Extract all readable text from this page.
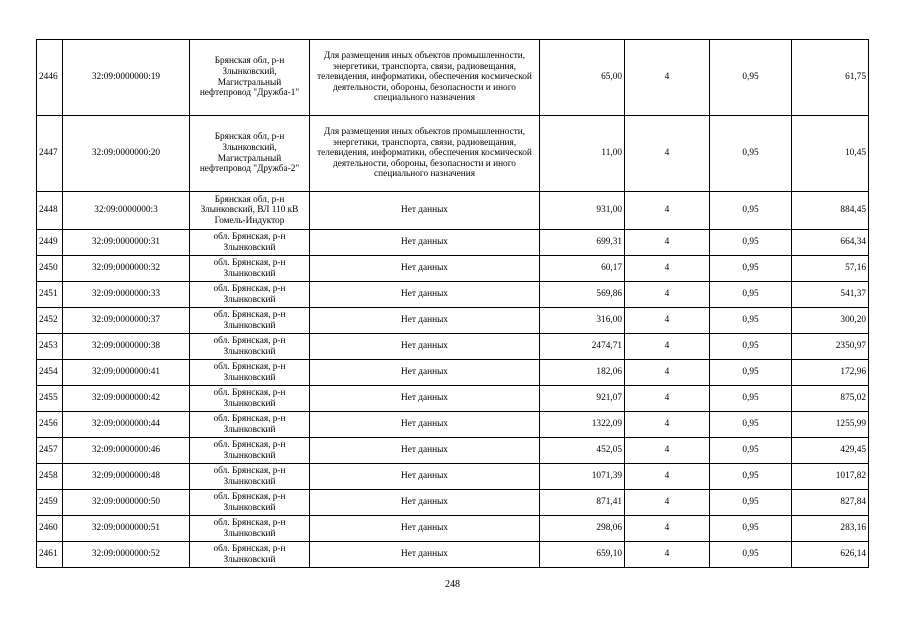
2446	32:09:0000000:19	Брянская обл, р-н Злынковский, Магистральный нефтепровод "Дружба-1"	Для размещения иных объектов промышленности, энергетики, транспорта, связи, радиовещания, телевидения, информатики, обеспечения космической деятельности, обороны, безопасности и иного специального назначения	65,00	4	0,95	61,75
2447	32:09:0000000:20	Брянская обл, р-н Злынковский, Магистральный нефтепровод "Дружба-2"	Для размещения иных объектов промышленности, энергетики, транспорта, связи, радиовещания, телевидения, информатики, обеспечения космической деятельности, обороны, безопасности и иного специального назначения	11,00	4	0,95	10,45
2448	32:09:0000000:3	Брянская обл, р-н Злынковский, ВЛ 110 кВ Гомель-Индуктор	Нет данных	931,00	4	0,95	884,45
2449	32:09:0000000:31	обл. Брянская, р-н Злынковский	Нет данных	699,31	4	0,95	664,34
2450	32:09:0000000:32	обл. Брянская, р-н Злынковский	Нет данных	60,17	4	0,95	57,16
2451	32:09:0000000:33	обл. Брянская, р-н Злынковский	Нет данных	569,86	4	0,95	541,37
2452	32:09:0000000:37	обл. Брянская, р-н Злынковский	Нет данных	316,00	4	0,95	300,20
2453	32:09:0000000:38	обл. Брянская, р-н Злынковский	Нет данных	2474,71	4	0,95	2350,97
2454	32:09:0000000:41	обл. Брянская, р-н Злынковский	Нет данных	182,06	4	0,95	172,96
2455	32:09:0000000:42	обл. Брянская, р-н Злынковский	Нет данных	921,07	4	0,95	875,02
2456	32:09:0000000:44	обл. Брянская, р-н Злынковский	Нет данных	1322,09	4	0,95	1255,99
2457	32:09:0000000:46	обл. Брянская, р-н Злынковский	Нет данных	452,05	4	0,95	429,45
2458	32:09:0000000:48	обл. Брянская, р-н Злынковский	Нет данных	1071,39	4	0,95	1017,82
2459	32:09:0000000:50	обл. Брянская, р-н Злынковский	Нет данных	871,41	4	0,95	827,84
2460	32:09:0000000:51	обл. Брянская, р-н Злынковский	Нет данных	298,06	4	0,95	283,16
2461	32:09:0000000:52	обл. Брянская, р-н Злынковский	Нет данных	659,10	4	0,95	626,14
248
